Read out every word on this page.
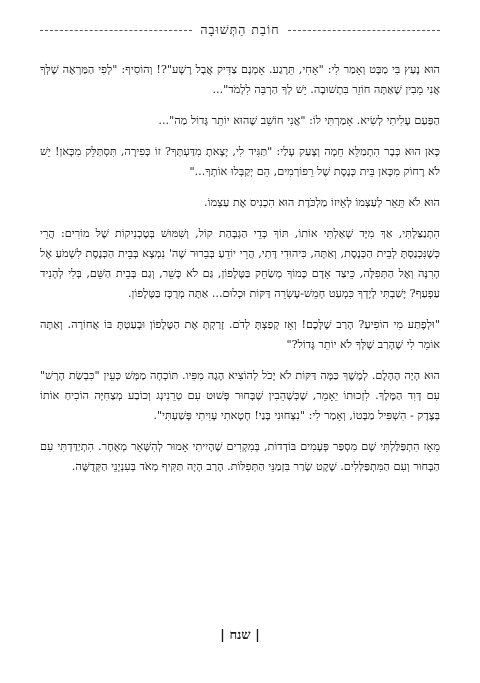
חוֹבַת הַתְּשׁוּבָה

הוּא נָעַץ בִּי מַבָּט וְאָמַר לִי: "אָחִי, תֵּרָגַע. אָמְנָם צַדִּיק אֲבָל רָשָׁע"?! וְהוֹסִיף: "לְפִי הַמַּרְאֶה שֶׁלְּךָ אֲנִי מֵבִין שֶׁאַתָּה חוֹזֵר בִּתְשׁוּבָה. יֵשׁ לְךָ הַרְבֵּה לִלְמֹד"...

הַפַּעַם עָלִיתִי לְשִׂיא. אָמַרְתִּי לוֹ: "אֲנִי חוֹשֵׁב שֶׁהוּא יוֹתֵר גָּדוֹל מַה"...

כָּאן הוּא כְּבָר הִתְמַלֵּא חֵמָה וְצָעַק עָלַי: "תַּגִּיד לִי, יָצָאתָ מִדַּעְתְּךָ? זוֹ כְּפִירָה, תִּסְתַּלֵּק מִכָּאן! יֵשׁ לֹא רָחוֹק מִכָּאן בֵּית כְּנֶסֶת שֶׁל רֵפוֹרְמִים, הֵם יְקַבְּלוּ אוֹתְךָ..."

הוּא לֹא תֵּאֵר לְעַצְמוֹ לְאֵיזוֹ מַלְכֹּדֶת הוּא הִכְנִיס אֶת עַצְמוֹ.

הִתְנַצַּלְתִּי, אַךְ מִיָּד שָׁאַלְתִּי אוֹתוֹ, תּוֹךְ כְּדֵי הַגְבָּהַת קוֹל, וְשִׁמּוּשׁ בְּטֶכְנִיקוֹת שֶׁל מוֹרִים: הֲרֵי כְּשֶׁנִּכְנַסְתָּ לְבֵית הַכְּנֶסֶת, וְאַתָּה, כִּיהוּדִי דָּתִי, הֲרֵי יוֹדֵעַ בְּבֵרוּר שֶׁה' נִמְצָא בְּבֵית הַכְּנֶסֶת לִשְׁמֹעַ אֶל הָרִנָּה וְאֶל הַתְּפִלָּה, כֵּיצַד אָדָם כָּמוֹךָ מְשַׂחֵק בַּטֶּלֶפוֹן, גַּם לֹא כָּשֵׁר, וְגַם בְּבֵית הַשֵּׁם, בְּלִי לְהָנִיד עַפְעַף? יָשַׁבְתִּי לְיָדְךָ כִּמְעַט חָמֵשׁ-עֶשְׂרֵה דַּקּוֹת וּכְלוּם... אַתָּה מְרֻכָּז בַּטֶּלֶפוֹן.

"וּלְפֶתַע מִי הוֹפִיעַ? הָרַב שֶׁלָּכֶם! וְאָז קָפַצְתָּ לְדֹם. זָרַקְתָּ אֶת הַטֶּלֶפוֹן וּבָעַטְתָּ בּוֹ אֲחוֹרָה. וְאַתָּה אוֹמֵר לִי שֶׁהָרַב שֶׁלְּךָ לֹא יוֹתֵר גָּדוֹל?"

הוּא הָיָה הֶהָלֶם. לְמֶשֶׁךְ כַּמָּה דַּקּוֹת לֹא יָכֹל לְהוֹצִיא הֶגֶה מִפִּיו. תּוֹכְחָה מַמָּשׁ כְּעֵין "כִּבְשַׂת הָרָשׁ" עִם דָּוִד הַמֶּלֶךְ. לִזְכוּתוֹ יֵאָמֵר, שֶׁכְּשֶׁהֵבִין שֶׁבָּחוּר פָּשׁוּט עִם טְרֵנִינְג וְכוֹבַע מְצַחִיָּה הוֹכִיחַ אוֹתוֹ בְּצֶדֶק - הִשְׁפִּיל מַבָּטוֹ, וְאָמַר לִי: "נִצְּחוּנִי בָּנַי! חָטָאתִי עָוִיתִי פָּשַׁעְתִּי".

מֵאָז הִתְפַּלַּלְתִּי שָׁם מִסְפַּר פְּעָמִים בּוֹדְדוֹת, בְּמִקְרִים שֶׁהָיִיתִי אָמוּר לְהִשָּׁאֵר מְאֻחָר. הִתְיַדַּדְתִּי עִם הַבָּחוּר וְעִם הַמִּתְפַּלְּלִים. שֶׁקֶט שָׂרַר בִּזְמַנֵּי הַתְּפִלּוֹת. הָרַב הָיָה תַּקִּיף מְאֹד בְּעִנְיָנֵי הַקְּדֻשָּׁה.

| שנח |
